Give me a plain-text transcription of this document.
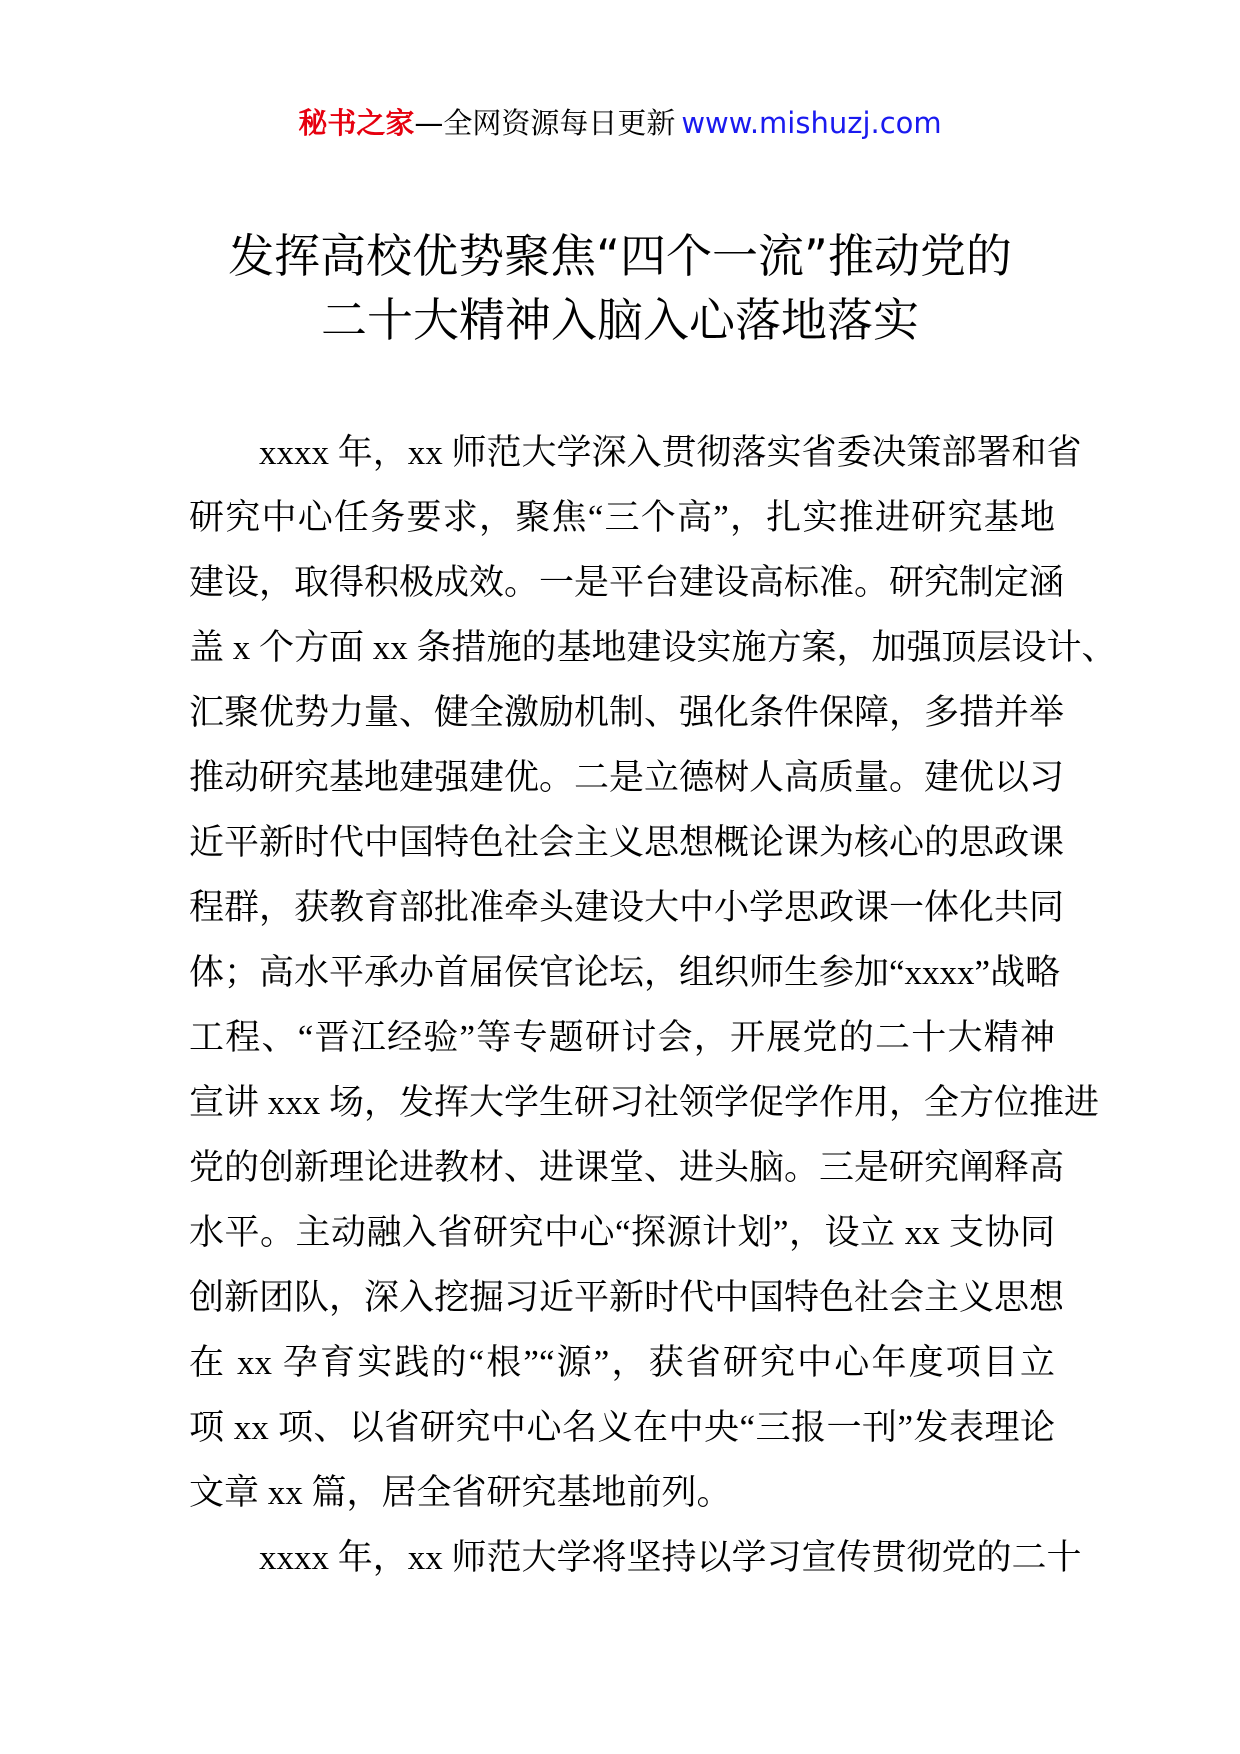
秘书之家—全网资源每日更新 www.mishuzj.com
发挥高校优势聚焦“四个一流”推动党的
二十大精神入脑入心落地落实
xxxx 年，xx 师范大学深入贯彻落实省委决策部署和省
研究中心任务要求，聚焦“三个高”，扎实推进研究基地
建设，取得积极成效。一是平台建设高标准。研究制定涵
盖 x 个方面 xx 条措施的基地建设实施方案，加强顶层设计、
汇聚优势力量、健全激励机制、强化条件保障，多措并举
推动研究基地建强建优。二是立德树人高质量。建优以习
近平新时代中国特色社会主义思想概论课为核心的思政课
程群，获教育部批准牵头建设大中小学思政课一体化共同
体；高水平承办首届侯官论坛，组织师生参加“xxxx”战略
工程、“晋江经验”等专题研讨会，开展党的二十大精神
宣讲 xxx 场，发挥大学生研习社领学促学作用，全方位推进
党的创新理论进教材、进课堂、进头脑。三是研究阐释高
水平。主动融入省研究中心“探源计划”，设立 xx 支协同
创新团队，深入挖掘习近平新时代中国特色社会主义思想
在 xx 孕育实践的“根”“源”，获省研究中心年度项目立
项 xx 项、以省研究中心名义在中央“三报一刊”发表理论
文章 xx 篇，居全省研究基地前列。
xxxx 年，xx 师范大学将坚持以学习宣传贯彻党的二十
